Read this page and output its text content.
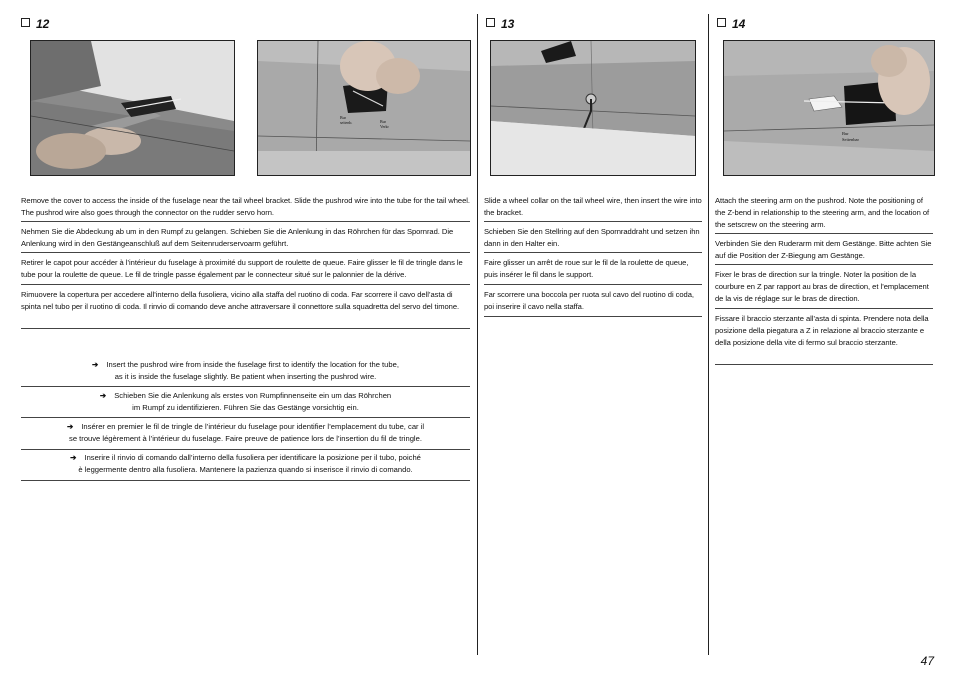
12	13	14
Bur
seitenb.	Bur
Verkr
Bur
Seitenbar
Remove the cover to access the inside of the fuselage near the tail wheel bracket. Slide the pushrod wire into the tube for the tail wheel. The pushrod wire also goes through the connector on the rudder servo horn.
Nehmen Sie die Abdeckung ab um in den Rumpf zu gelangen. Schieben Sie die Anlenkung in das Röhrchen für das Spornrad. Die Anlenkung wird in den Gestängeanschluß auf dem Seitenruderservoarm geführt.
Retirer le capot pour accéder à l’intérieur du fuselage à proximité du support de roulette de queue. Faire glisser le fil de tringle dans le tube pour la roulette de queue. Le fil de tringle passe également par le connecteur situé sur le palonnier de la dérive.
Rimuovere la copertura per accedere all’interno della fusoliera, vicino alla staffa del ruotino di coda. Far scorrere il cavo dell’asta di spinta nel tubo per il ruotino di coda. Il rinvio di comando deve anche attraversare il connettore sulla squadretta del servo del timone.
➔ Insert the pushrod wire from inside the fuselage first to identify the location for the tube,
as it is inside the fuselage slightly. Be patient when inserting the pushrod wire.
➔ Schieben Sie die Anlenkung als erstes von Rumpfinnenseite ein um das Röhrchen
im Rumpf zu identifizieren. Führen Sie das Gestänge vorsichtig ein.
➔ Insérer en premier le fil de tringle de l’intérieur du fuselage pour identifier l’emplacement du tube, car il
se trouve légèrement à l’intérieur du fuselage. Faire preuve de patience lors de l’insertion du fil de tringle.
➔ Inserire il rinvio di comando dall’interno della fusoliera per identificare la posizione per il tubo, poiché
è leggermente dentro alla fusoliera. Mantenere la pazienza quando si inserisce il rinvio di comando.
Slide a wheel collar on the tail wheel wire, then insert the wire into the bracket.
Schieben Sie den Stellring auf den Spornraddraht und setzen ihn dann in den Halter ein.
Faire glisser un arrêt de roue sur le fil de la roulette de queue, puis insérer le fil dans le support.
Far scorrere una boccola per ruota sul cavo del ruotino di coda, poi inserire il cavo nella staffa.
Attach the steering arm on the pushrod. Note the positioning of the Z-bend in relationship to the steering arm, and the location of the setscrew on the steering arm.
Verbinden Sie den Ruderarm mit dem Gestänge. Bitte achten Sie auf die Position der Z-Biegung am Gestänge.
Fixer le bras de direction sur la tringle. Noter la position de la courbure en Z par rapport au bras de direction, et l’emplacement de la vis de réglage sur le bras de direction.
Fissare il braccio sterzante all’asta di spinta. Prendere nota della posizione della piegatura a Z in relazione al braccio sterzante e della posizione della vite di fermo sul braccio sterzante.
47
